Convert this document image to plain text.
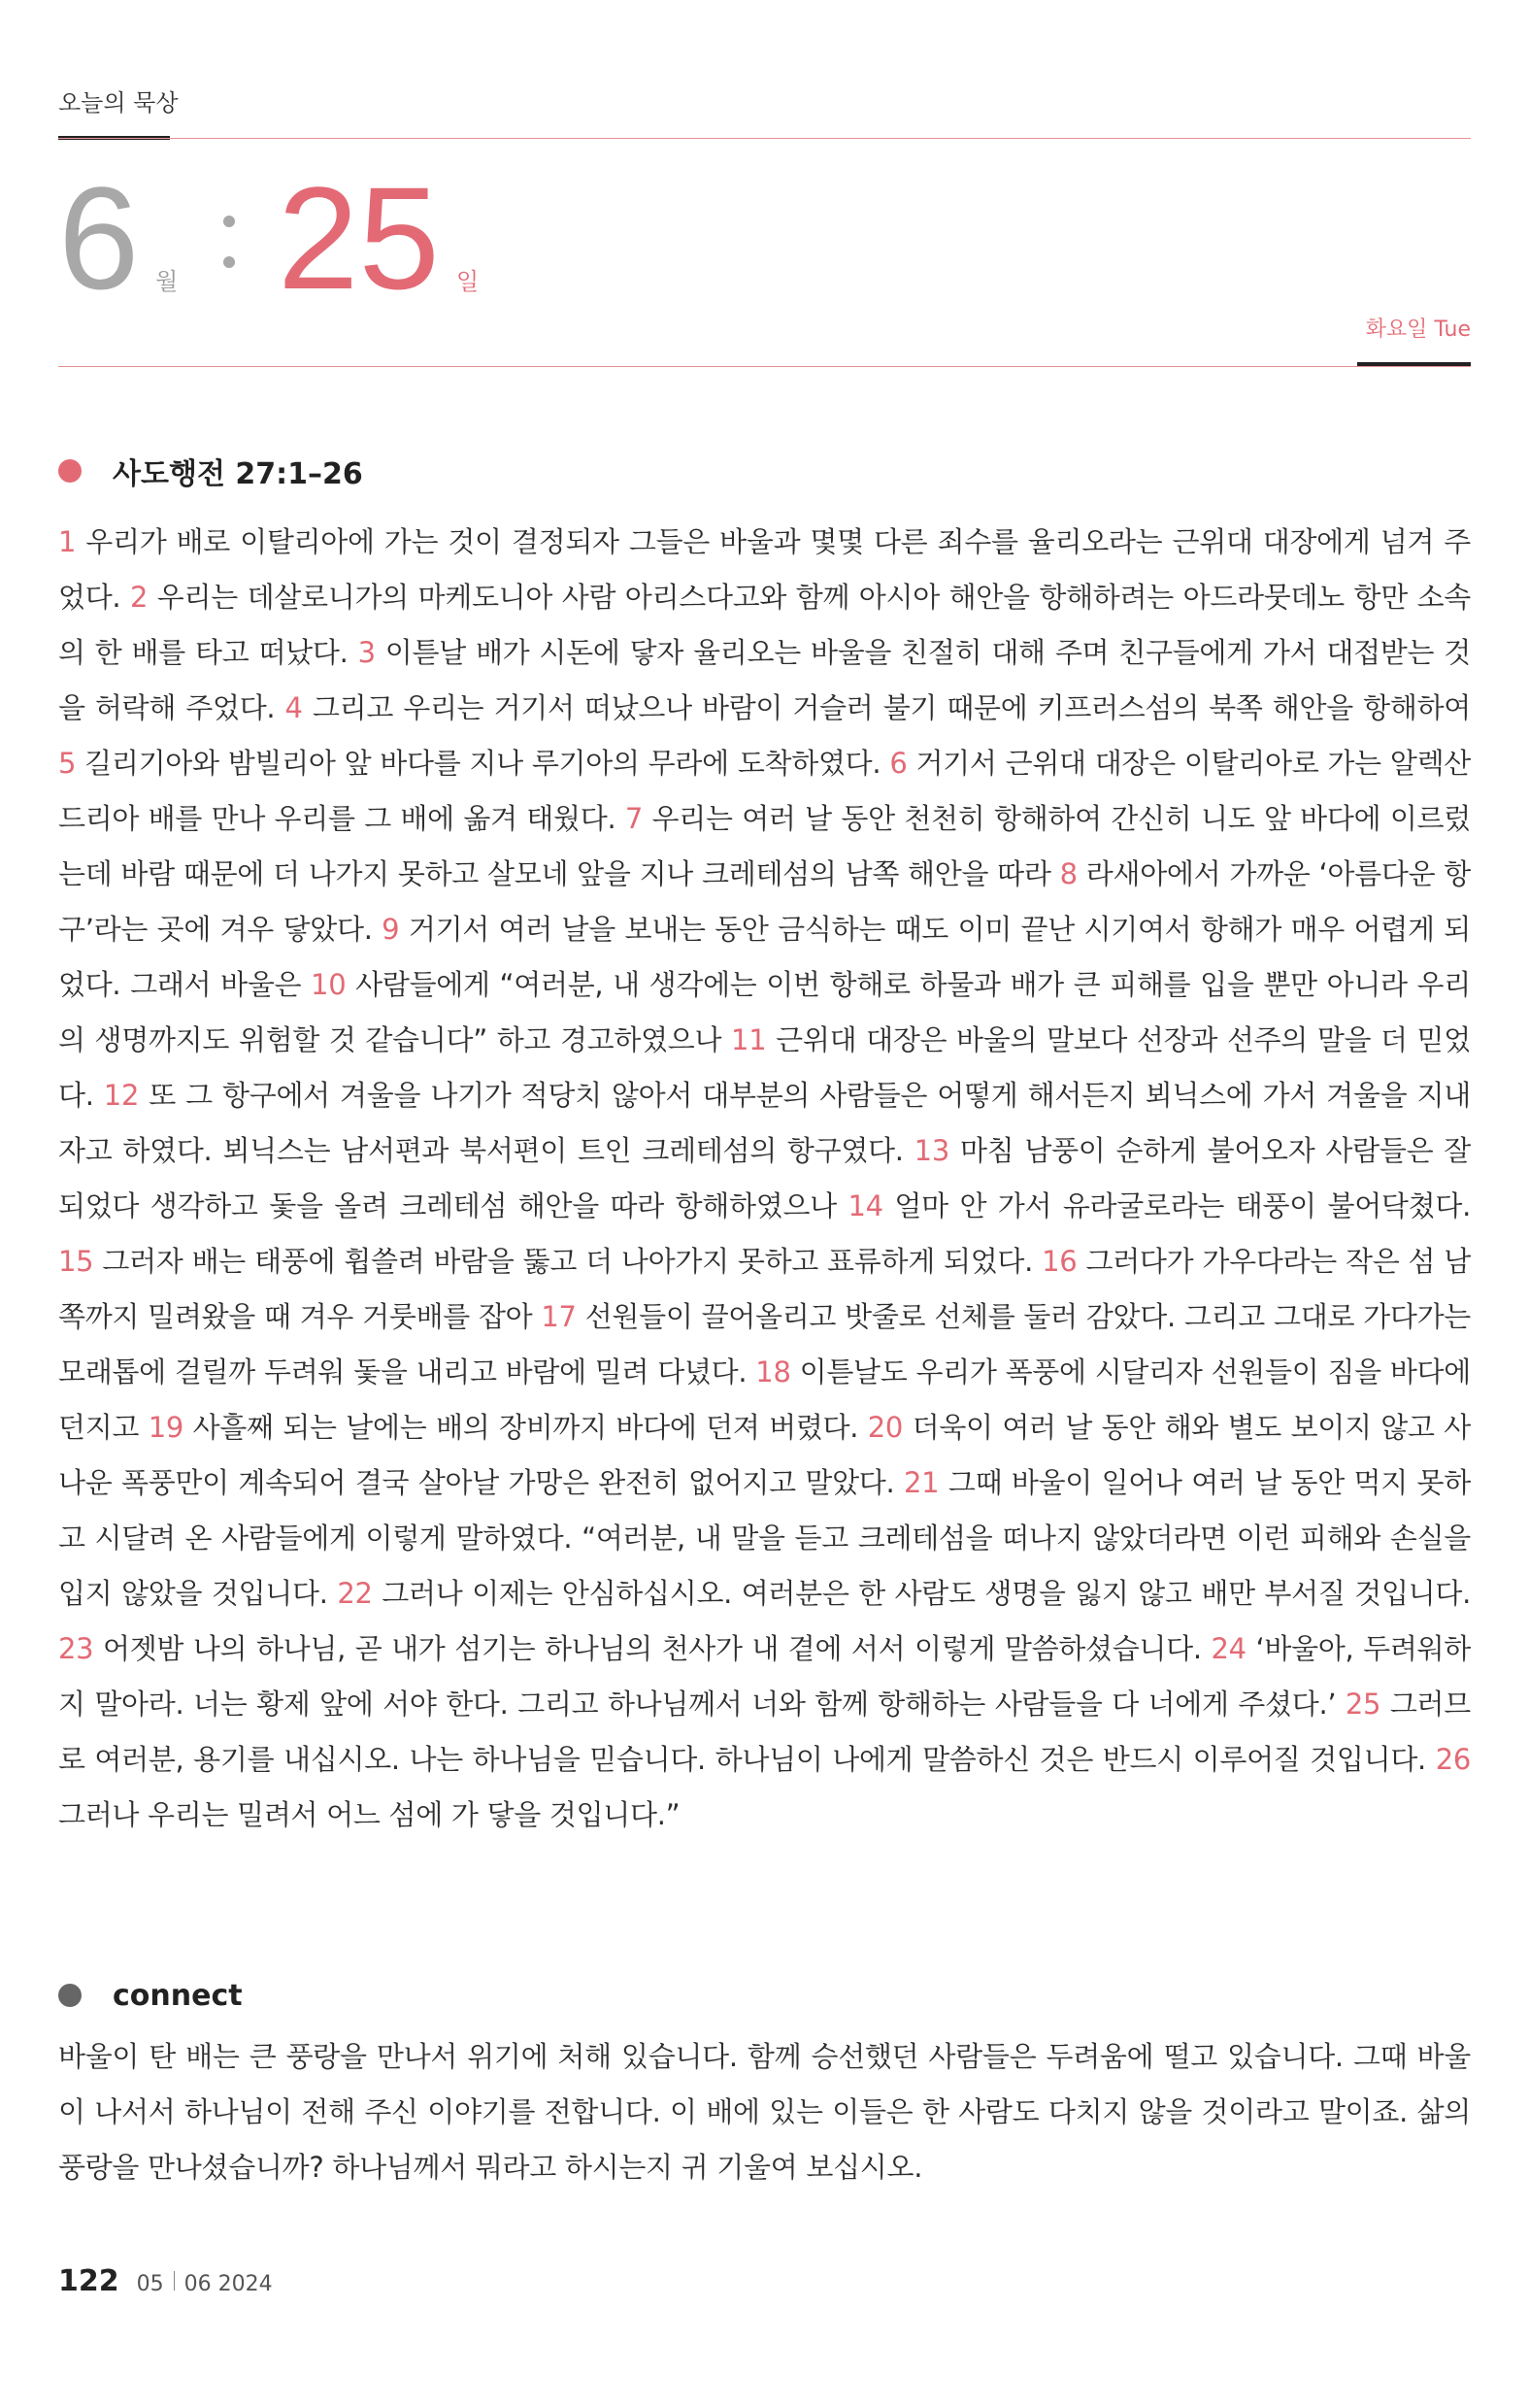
오늘의 묵상
6 월 25 일
화요일 Tue
사도행전 27:1–26
1 우리가 배로 이탈리아에 가는 것이 결정되자 그들은 바울과 몇몇 다른 죄수를 율리오라는 근위대 대장에게 넘겨 주었다. 2 우리는 데살로니가의 마케도니아 사람 아리스다고와 함께 아시아 해안을 항해하려는 아드라뭇데노 항만 소속의 한 배를 타고 떠났다. 3 이튿날 배가 시돈에 닿자 율리오는 바울을 친절히 대해 주며 친구들에게 가서 대접받는 것을 허락해 주었다. 4 그리고 우리는 거기서 떠났으나 바람이 거슬러 불기 때문에 키프러스섬의 북쪽 해안을 항해하여 5 길리기아와 밤빌리아 앞 바다를 지나 루기아의 무라에 도착하였다. 6 거기서 근위대 대장은 이탈리아로 가는 알렉산드리아 배를 만나 우리를 그 배에 옮겨 태웠다. 7 우리는 여러 날 동안 천천히 항해하여 간신히 니도 앞 바다에 이르렀는데 바람 때문에 더 나가지 못하고 살모네 앞을 지나 크레테섬의 남쪽 해안을 따라 8 라새아에서 가까운 ‘아름다운 항구’라는 곳에 겨우 닿았다. 9 거기서 여러 날을 보내는 동안 금식하는 때도 이미 끝난 시기여서 항해가 매우 어렵게 되었다. 그래서 바울은 10 사람들에게 “여러분, 내 생각에는 이번 항해로 하물과 배가 큰 피해를 입을 뿐만 아니라 우리의 생명까지도 위험할 것 같습니다” 하고 경고하였으나 11 근위대 대장은 바울의 말보다 선장과 선주의 말을 더 믿었다. 12 또 그 항구에서 겨울을 나기가 적당치 않아서 대부분의 사람들은 어떻게 해서든지 뵈닉스에 가서 겨울을 지내자고 하였다. 뵈닉스는 남서편과 북서편이 트인 크레테섬의 항구였다. 13 마침 남풍이 순하게 불어오자 사람들은 잘 되었다 생각하고 돛을 올려 크레테섬 해안을 따라 항해하였으나 14 얼마 안 가서 유라굴로라는 태풍이 불어닥쳤다. 15 그러자 배는 태풍에 휩쓸려 바람을 뚫고 더 나아가지 못하고 표류하게 되었다. 16 그러다가 가우다라는 작은 섬 남쪽까지 밀려왔을 때 겨우 거룻배를 잡아 17 선원들이 끌어올리고 밧줄로 선체를 둘러 감았다. 그리고 그대로 가다가는 모래톱에 걸릴까 두려워 돛을 내리고 바람에 밀려 다녔다. 18 이튿날도 우리가 폭풍에 시달리자 선원들이 짐을 바다에 던지고 19 사흘째 되는 날에는 배의 장비까지 바다에 던져 버렸다. 20 더욱이 여러 날 동안 해와 별도 보이지 않고 사나운 폭풍만이 계속되어 결국 살아날 가망은 완전히 없어지고 말았다. 21 그때 바울이 일어나 여러 날 동안 먹지 못하고 시달려 온 사람들에게 이렇게 말하였다. “여러분, 내 말을 듣고 크레테섬을 떠나지 않았더라면 이런 피해와 손실을 입지 않았을 것입니다. 22 그러나 이제는 안심하십시오. 여러분은 한 사람도 생명을 잃지 않고 배만 부서질 것입니다. 23 어젯밤 나의 하나님, 곧 내가 섬기는 하나님의 천사가 내 곁에 서서 이렇게 말씀하셨습니다. 24 ‘바울아, 두려워하지 말아라. 너는 황제 앞에 서야 한다. 그리고 하나님께서 너와 함께 항해하는 사람들을 다 너에게 주셨다.’ 25 그러므로 여러분, 용기를 내십시오. 나는 하나님을 믿습니다. 하나님이 나에게 말씀하신 것은 반드시 이루어질 것입니다. 26 그러나 우리는 밀려서 어느 섬에 가 닿을 것입니다.”
connect
바울이 탄 배는 큰 풍랑을 만나서 위기에 처해 있습니다. 함께 승선했던 사람들은 두려움에 떨고 있습니다. 그때 바울이 나서서 하나님이 전해 주신 이야기를 전합니다. 이 배에 있는 이들은 한 사람도 다치지 않을 것이라고 말이죠. 삶의 풍랑을 만나셨습니까? 하나님께서 뭐라고 하시는지 귀 기울여 보십시오.
122 05 06 2024
